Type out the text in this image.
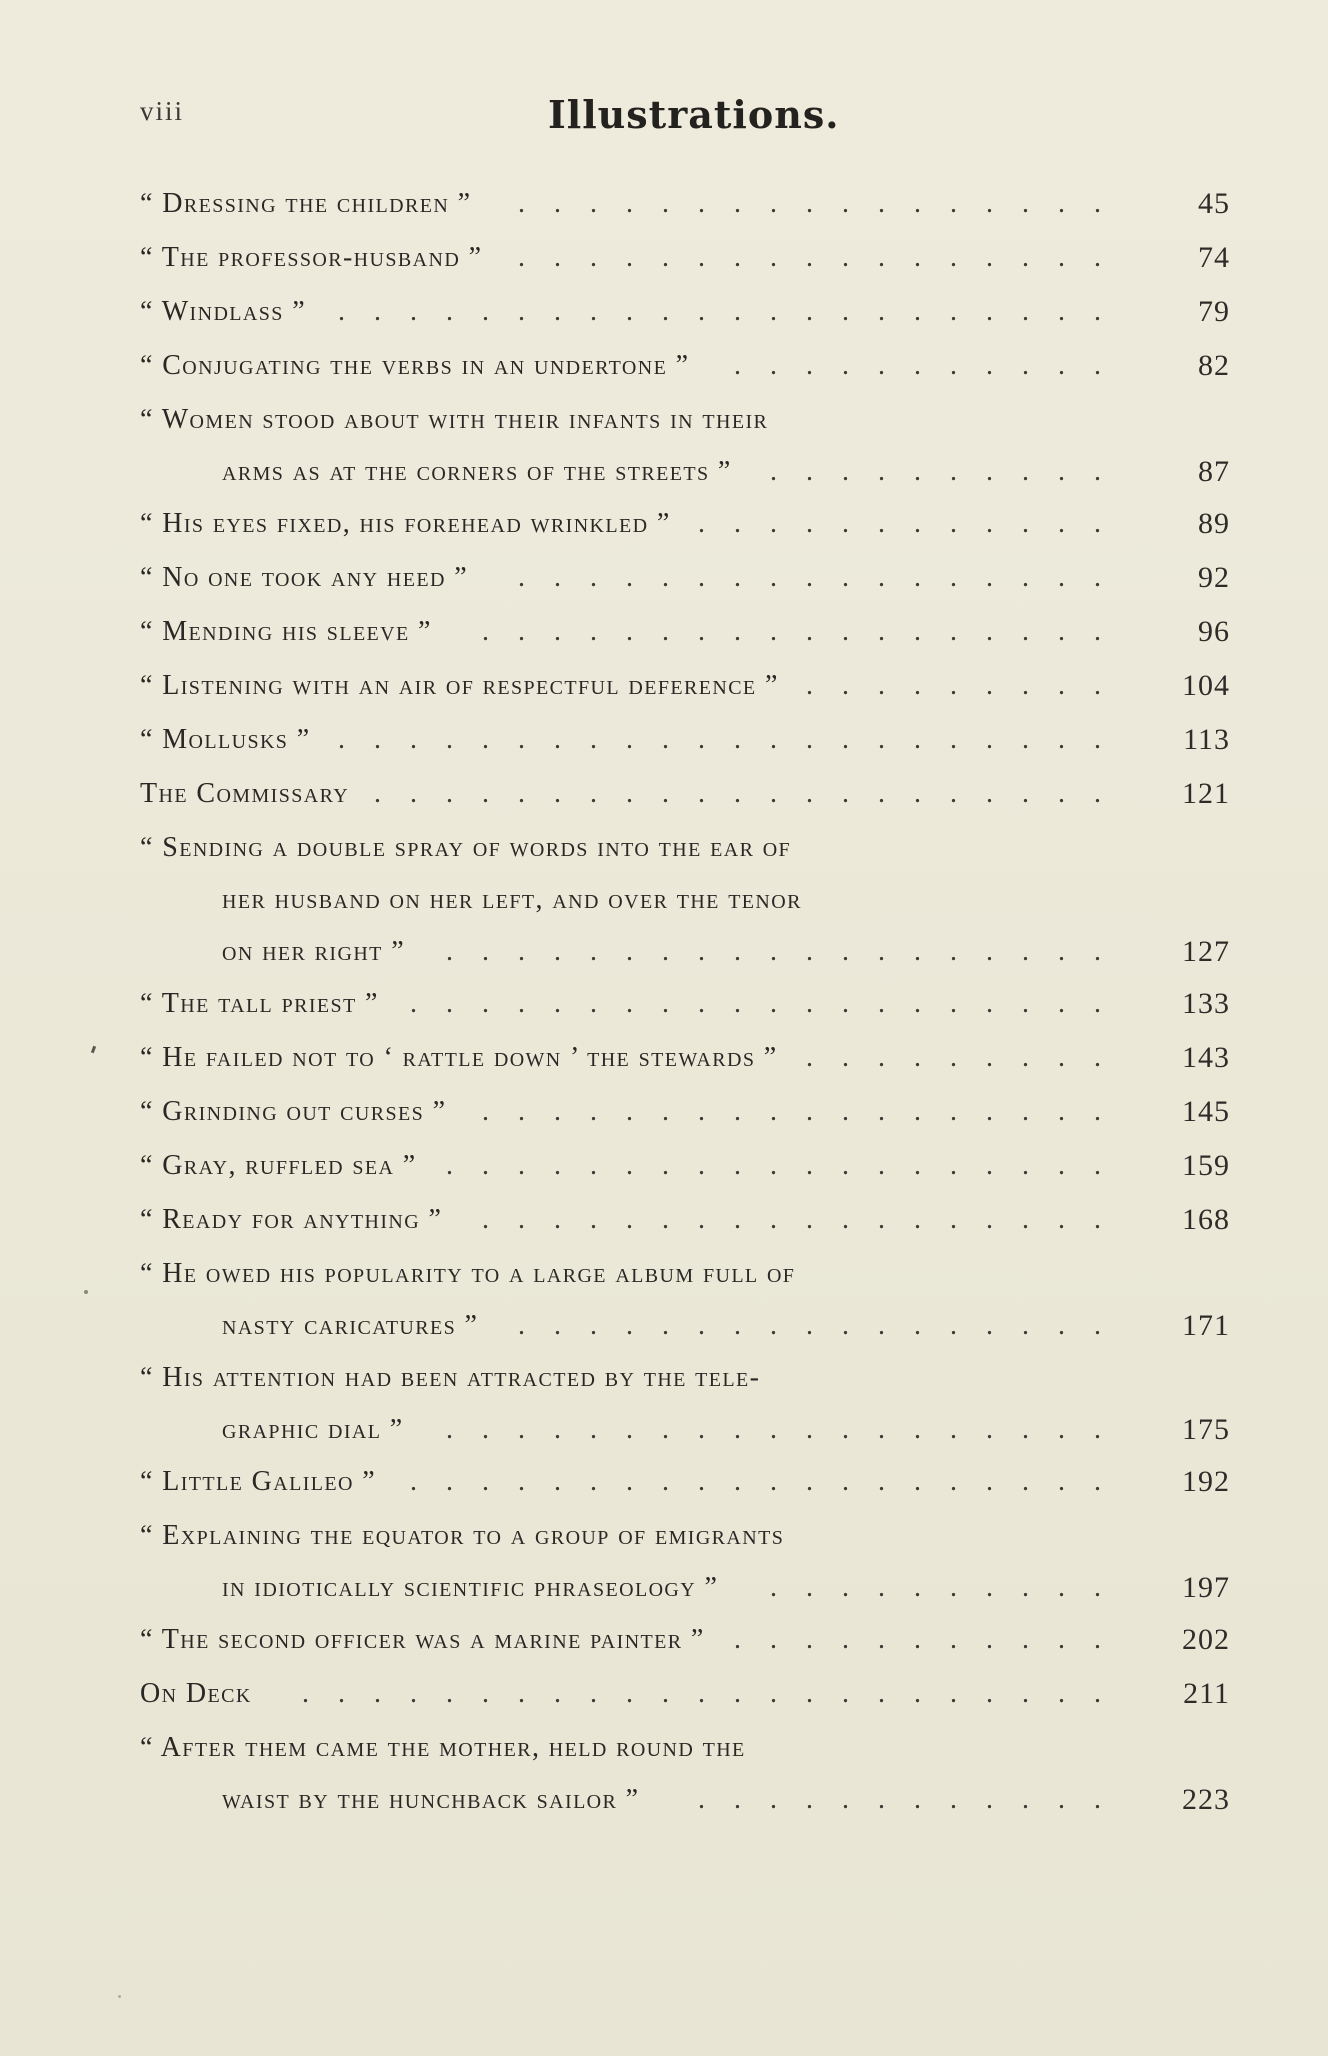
viii	Illustrations.
“ Dressing the children ”	45
.................
“ The professor-husband ”	74
.................
“ Windlass ”	79
......................
“ Conjugating the verbs in an undertone ”	82
...........
“ Women stood about with their infants in their
arms as at the corners of the streets ”	87
..........
“ His eyes fixed, his forehead wrinkled ”	89
............
“ No one took any heed ”	92
.................
“ Mending his sleeve ”	96
..................
“ Listening with an air of respectful deference ”	104
.........
“ Mollusks ”	113
......................
The Commissary	121
.....................
“ Sending a double spray of words into the ear of
her husband on her left, and over the tenor
on her right ”	127
...................
“ The tall priest ”	133
....................
“ He failed not to ‘ rattle down ’ the stewards ”	143
.........
“ Grinding out curses ”	145
..................
“ Gray, ruffled sea ”	159
...................
“ Ready for anything ”	168
..................
“ He owed his popularity to a large album full of
nasty caricatures ”	171
.................
“ His attention had been attracted by the tele-
graphic dial ”	175
...................
“ Little Galileo ”	192
....................
“ Explaining the equator to a group of emigrants
in idiotically scientific phraseology ”	197
..........
“ The second officer was a marine painter ”	202
...........
On Deck	211
.......................
“ After them came the mother, held round the
waist by the hunchback sailor ”	223
............
